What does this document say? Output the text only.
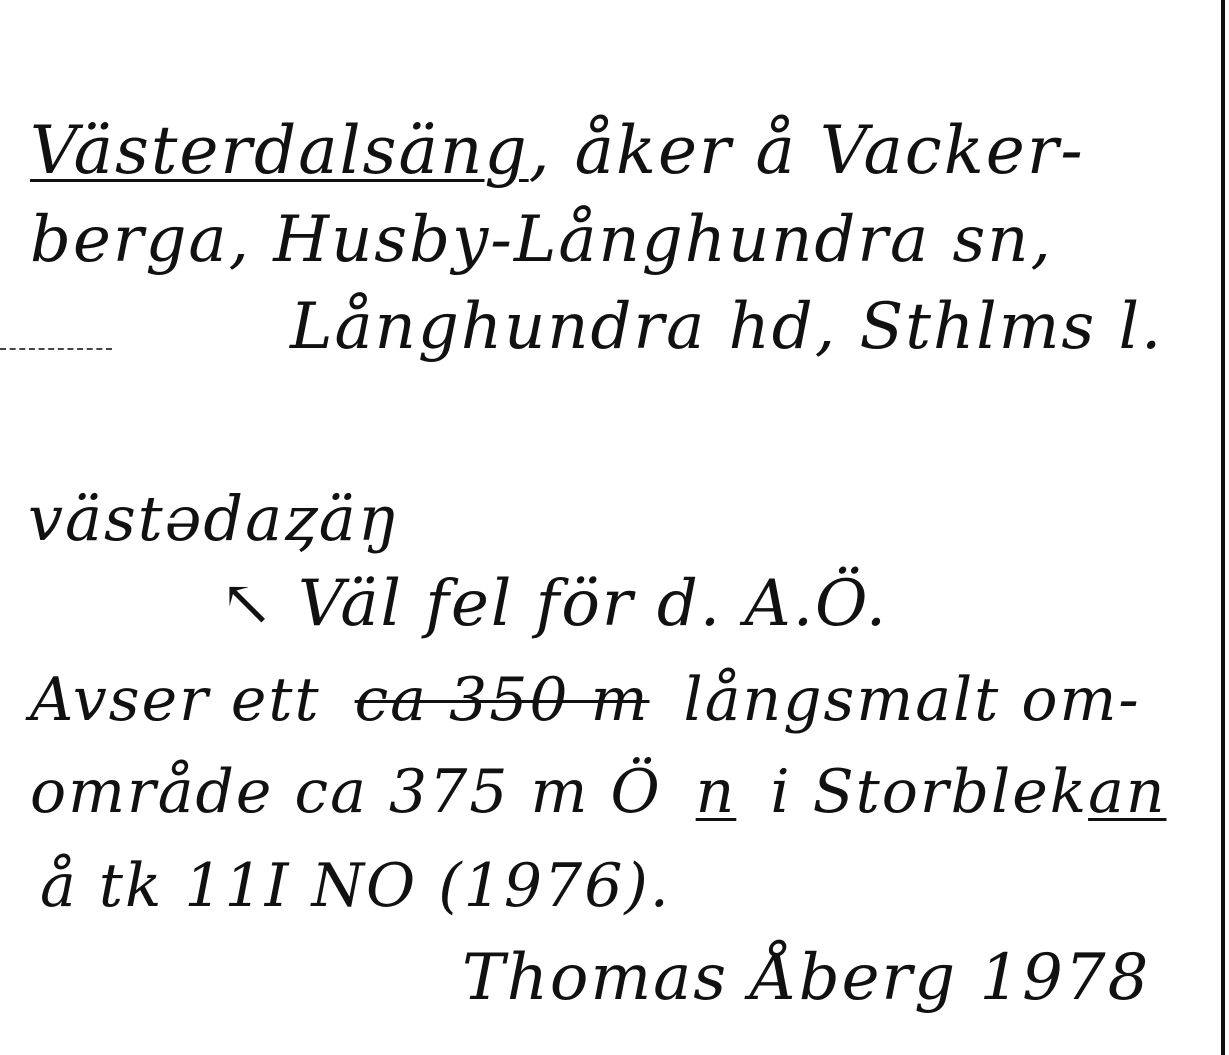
Västerdalsäng, åker å Vacker-
berga, Husby-Långhundra sn,
Långhundra hd, Sthlms l.
västədaȥäŋ
↖ Väl fel för d. A.Ö.
Avser ett ca 350 m långsmalt om-
område ca 375 m Ö n i Storblekan
å tk 11I NO (1976).
Thomas Åberg 1978
